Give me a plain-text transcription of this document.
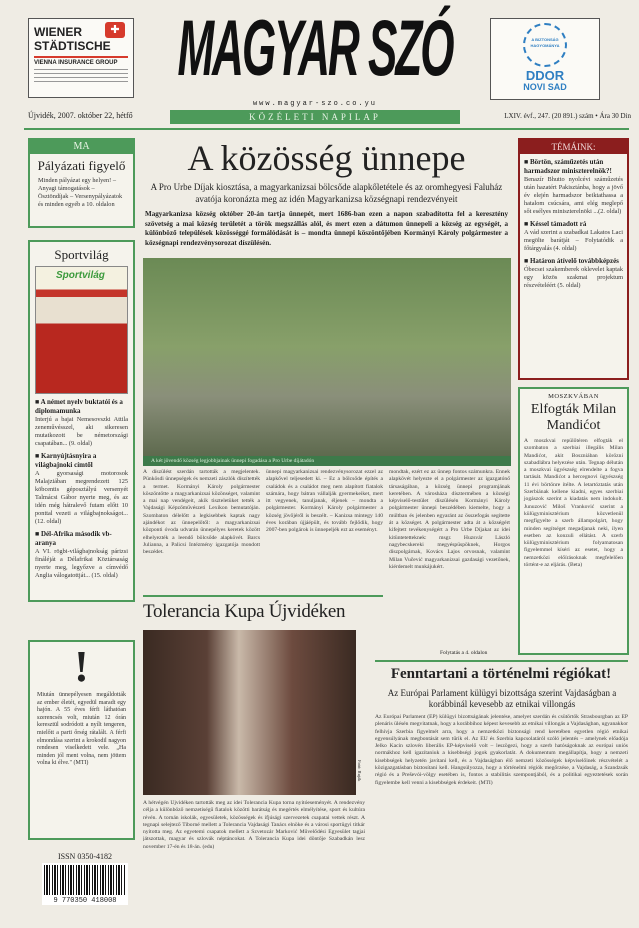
WIENER
STÄDTISCHE
✚
VIENNA INSURANCE GROUP MAGYAR SZÓ
www.magyar-szo.co.yu
KÖZÉLETI NAPILAP
Újvidék, 2007. október 22, hétfő	LXIV. évf., 247. (20 891.) szám • Ára 30 Din
A BIZTONSÁG HAGYOMÁNYA
DDOR
NOVI SAD
MA
Pályázati figyelő
Minden pályázat egy helyen! – Anyagi támogatások – Ösztöndíjak – Versenypályázatok és minden egyéb a 10. oldalon
Sportvilág
Sportvilág
■ A német nyelv buktatói és a diplomamunka
Interjú a bajai Nemesovszki Attila zeneművésszel, aki sikeresen mutatkozott be németországi csapatában... (9. oldal)
■ Karnyújtásnyira a világbajnoki címtől
A gyorsasági motorosok Malajziában megrendezett 125 köbcentis géposztályú versenyét Talmácsi Gábor nyerte meg, és az idén még hátralevő futam előtt 10 ponttal vezeti a világbajnokságot... (12. oldal)
■ Dél-Afrika második vb-aranya
A VI. rögbi-világbajnokság párizsi fináléját a Délafrikai Köztársaság nyerte meg, legyőzve a címvédő Anglia válogatottját... (15. oldal)
!
Miután ünnepélyesen megáldották az ember életét, egyedül maradt egy hajón. A 55 éves férfi láthatóan szerencsés volt, miután 12 órán keresztül sodródott a nyílt tengeren, mielőtt a parti őrség rátalált. A férfi elmondása szerint a krokodil nagyon rendesen viselkedett vele. „Ha minden jól ment volna, nem jöttem volna ki élve." (MTI)
ISSN 0350-4182
9 770350 418008
A közösség ünnepe
A Pro Urbe Díjak kiosztása, a magyarkanizsai bölcsőde alapkőletétele és az oromhegyesi Faluház avatója koronázta meg az idén Magyarkanizsa községnapi rendezvényeit
Magyarkanizsa község október 20-án tartja ünnepét, mert 1686-ban ezen a napon szabadította fel a keresztény szövetség a mai község területét a török megszállás alól, és mert ezen a dátumon ünnepeli a község az egységét, a különböző települések közösséggé formálódását is – mondta ünnepi köszöntőjében Kormányi Károly polgármester a községnapi rendezvénysorozat díszülésén.
A két jövendő község legjobbjainak ünnepi fogadása a Pro Urbe díjátadón
A díszülést szerdán tartották a megjelentek. Pünkösdi ünnepségek és nemzeti zászlók díszítették a termet. Kormányi Károly polgármester köszöntötte a magyarkanizsai közönséget, valamint a mai nap vendégeit, akik tiszteletüket tették a Vajdasági Képzőművészeti Lexikon bemutatóján. Szombaton délelőtt a legkisebbek kaptak nagy ajándékot az ünnepelőtől: a magyarkanizsai központi óvoda udvarán ünnepélyes keretek között elhelyezték a leendő bölcsőde alapkövét. Barcs Julianna, a Palicsi Intézmény igazgatója mondott beszédet.
ünnepi magyarkanizsai rendezvénysorozat ezzel az alapkővel teljesedett ki. – Ez a bölcsőde építés a családok és a családot meg nem alapított fiatalok számára, hogy bátran vállalják gyermekeiket, mert itt vegyenek, tanuljanak, éljenek – mondta a polgármester. Kormányi Károly polgármester a község jövőjéről is beszélt. – Kanizsa mintegy 140 éves korában újjáépült, és tovább fejlődik, hogy 2007-ben polgárok is ünnepeljék ezt az eseményt.
mondtak, ezért ez az ünnep fontos számunkra. Ennek alapkövét helyezte el a polgármester az igazgatónő társaságában, a község ünnepi programjának keretében. A városháza dísztermében a községi képviselő-testület díszülésén Kormányi Károly polgármester ünnepi beszédében kiemelte, hogy a múltban és jelenben egyaránt az összefogás segítette át a községet. A polgármester adta át a községért kifejtett tevékenységért a Pro Urbe Díjakat az idei kitüntetetteknek: msgr. Huzsvár László nagybecskereki megyéspüspöknek, Horgos díszpolgárnak, Kovács Lajos orvosnak, valamint Milan Vučević magyarkanizsai gazdasági vezetőnek, kiérdemelt munkájukért.
Folytatás a 4. oldalon
Tolerancia Kupa Újvidéken
Fotó: Ruják
A hétvégén Újvidéken tartották meg az idei Tolerancia Kupa torna nyitóeseményét. A rendezvény célja a különböző nemzetiségű fiatalok közötti barátság és megértés elmélyítése, sport és kultúra révén. A tornán iskolák, egyesületek, közösségek és ifjúsági szervezetek csapatai vettek részt. A tegnapi selejtező Tiborné mellett a Tolerancia Vajdasági Tanács elnöke és a városi sportügyi titkár nyitotta meg. Az egyetemi csapatok mellett a Szvetozár Marković Művelődési Egyesület tagjai játszottak, magyar és szlovák néptáncokat. A Tolerancia Kupa idei döntője Szabadkán lesz november 17-én és 18-án. (edu)
Fenntartani a történelmi régiókat!
Az Európai Parlament külügyi bizottsága szerint Vajdaságban a korábbinál kevesebb az etnikai villongás
Az Európai Parlament (EP) külügyi bizottságának jelentése, amelyet szerdán és csütörtök Strasbourgban az EP plenáris ülésén megvitatnak, hogy a korábbihoz képest kevesebb az etnikai villongás a Vajdaságban, ugyanakkor felhívja Szerbia figyelmét arra, hogy a nemzetközi biztonsági rend keretében egyetlen régió etnikai egyensúlyának megbontását sem tűrik el. Az EU és Szerbia kapcsolatáról szóló jelentés – amelynek előadója Jelko Kacin szlovén liberális EP-képviselő volt – leszögezi, hogy a szerb hatóságoknak az európai uniós normákhoz kell igazítaniuk a kisebbségi jogok gyakorlatát. A dokumentum megállapítja, hogy a nemzeti kisebbségek helyzetén javítani kell, és a Vajdaságban élő nemzeti közösségek képviselőinek részvételét a közigazgatásban biztosítani kell. Hangsúlyozza, hogy a történelmi régiók megőrzése, a Vajdaság, a Szandzsák régió és a Preševói-völgy esetében is, fontos a stabilitás szempontjából, és a politikai egyeztetések során figyelembe kell venni a kisebbségek érdekeit. (MTI)
TÉMÁINK:
■ Börtön, száműzetés után harmadszor miniszterelnök?!
Benazír Bhutto nyolcévi száműzetés után hazatért Pakisztánba, hogy a jövő év elején harmadszor beiktathassa a hatalom csúcsára, ami elég meglepő sőt esélyes miniszterelnöki ...(2. oldal)
■ Késsel támadott rá
A vád szerint a szabadkai Lakatos Laci megölte barátját – Folytatódik a főtárgyalás (4. oldal)
■ Határon átívelő továbbképzés
Óbecsei szakemberek oklevelet kaptak egy közös szakmai projektum részvételéért (5. oldal)
MOSZKVÁBAN
Elfogták Milan Mandićot
A moszkvai repülőtéren elfogták el szombaton a szerbiai illegális Milan Mandićot, akit Boszniában körözni szabadlábra helyezése után. Tegnap délután a moszkvai ügyészség elrendelte a fogva tartását. Mandićot a hercegnovi ügyészség 11 évi börtönre ítélte. A letartóztatás után Szerbiának kellene kiadni, egyes szerbiai jogászok szerint a kiadatás nem indokolt. Junuzović Miloš Vranković szerint a külügyminisztérium közvetlenül megfigyelte a szerb állampolgárt, hogy minden segítséget megadjanak neki, ilyen esetben az konzuli ellátást. A szerb külügyminisztérium folyamatosan figyelemmel kíséri az esetet, hogy a nemzetközi előírásoknak megfelelően történt-e az eljárás. (Beta)
